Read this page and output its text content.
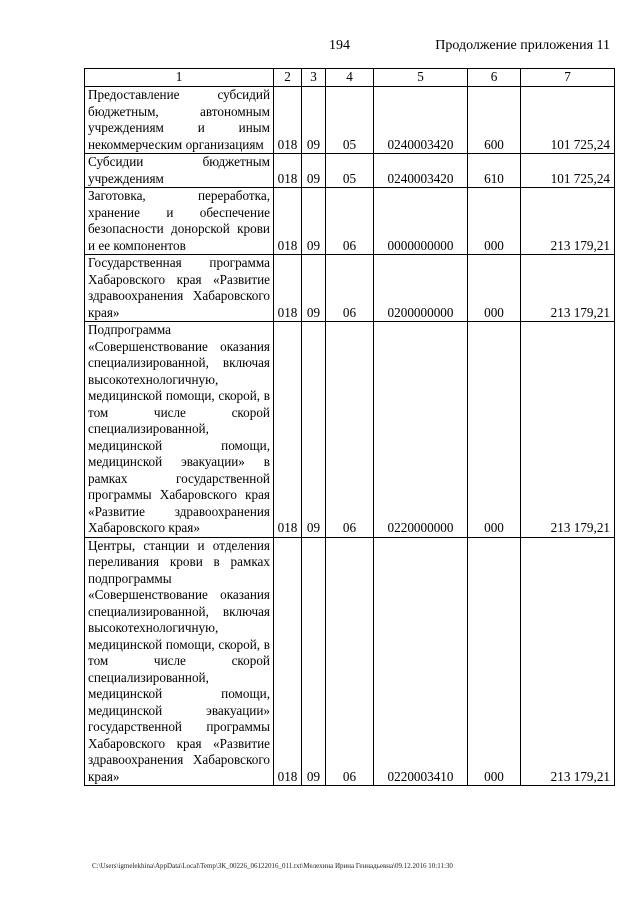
194	Продолжение приложения 11
1	2	3	4	5	6	7
Предоставление субсидий бюджетным, автономным учреждениям и иным некоммерческим организациям	018	09	05	0240003420	600	101 725,24
Субсидии бюджетным учреждениям	018	09	05	0240003420	610	101 725,24
Заготовка, переработка, хранение и обеспечение безопасности донорской крови и ее компонентов	018	09	06	0000000000	000	213 179,21
Государственная программа Хабаровского края «Развитие здравоохранения Хабаровского края»	018	09	06	0200000000	000	213 179,21
Подпрограмма «Совершенствование оказания специализированной, включая высокотехнологичную, медицинской помощи, скорой, в том числе скорой специализированной, медицинской помощи, медицинской эвакуации» в рамках государственной программы Хабаровского края «Развитие здравоохранения Хабаровского края»	018	09	06	0220000000	000	213 179,21
Центры, станции и отделения переливания крови в рамках подпрограммы «Совершенствование оказания специализированной, включая высокотехнологичную, медицинской помощи, скорой, в том числе скорой специализированной, медицинской помощи, медицинской эвакуации» государственной программы Хабаровского края «Развитие здравоохранения Хабаровского края»	018	09	06	0220003410	000	213 179,21
C:\Users\igmelekhina\AppData\Local\Temp\ЗК_00226_06122016_011.txt\Мелехина Ирина Геннадьевна\09.12.2016 10:11:30
